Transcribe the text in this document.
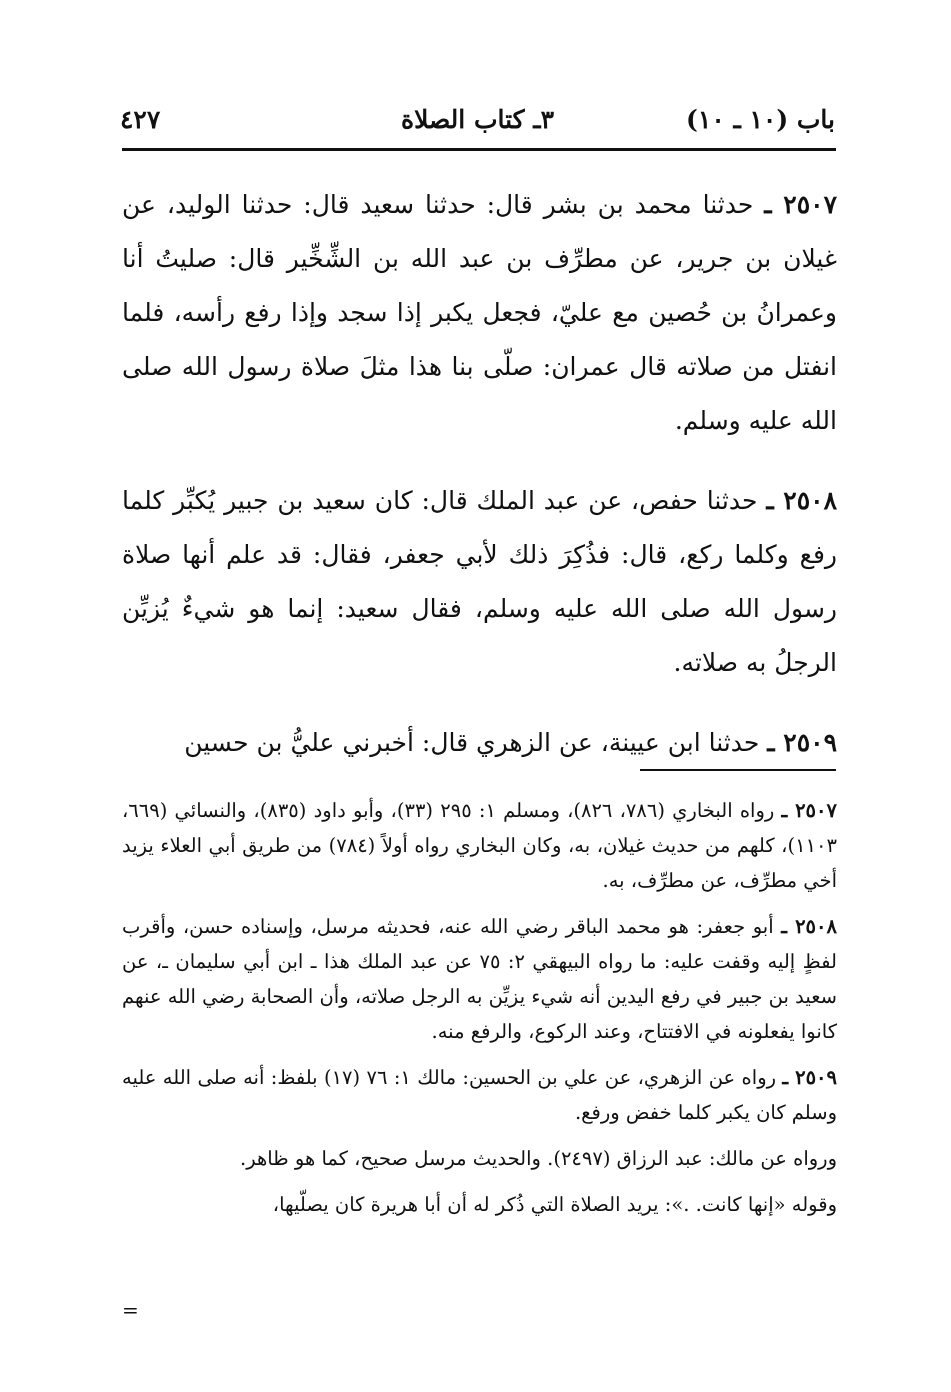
باب (١٠ ـ ١٠)
٣ـ كتاب الصلاة
٤٢٧

٢٥٠٧ ـ حدثنا محمد بن بشر قال: حدثنا سعيد قال: حدثنا الوليد، عن غيلان بن جرير، عن مطرِّف بن عبد الله بن الشِّخِّير قال: صليتُ أنا وعمرانُ بن حُصين مع عليّ، فجعل يكبر إذا سجد وإذا رفع رأسه، فلما انفتل من صلاته قال عمران: صلّى بنا هذا مثلَ صلاة رسول الله صلى الله عليه وسلم.

٢٥٠٨ ـ حدثنا حفص، عن عبد الملك قال: كان سعيد بن جبير يُكبِّر كلما رفع وكلما ركع، قال: فذُكِرَ ذلك لأبي جعفر، فقال: قد علم أنها صلاة رسول الله صلى الله عليه وسلم، فقال سعيد: إنما هو شيءٌ يُزيِّن الرجلُ به صلاته.

٢٥٠٩ ـ حدثنا ابن عيينة، عن الزهري قال: أخبرني عليُّ بن حسين

٢٥٠٧ ـ رواه البخاري (٧٨٦، ٨٢٦)، ومسلم ١: ٢٩٥ (٣٣)، وأبو داود (٨٣٥)، والنسائي (٦٦٩، ١١٠٣)، كلهم من حديث غيلان، به، وكان البخاري رواه أولاً (٧٨٤) من طريق أبي العلاء يزيد أخي مطرِّف، عن مطرِّف، به.

٢٥٠٨ ـ أبو جعفر: هو محمد الباقر رضي الله عنه، فحديثه مرسل، وإسناده حسن، وأقرب لفظٍ إليه وقفت عليه: ما رواه البيهقي ٢: ٧٥ عن عبد الملك هذا ـ ابن أبي سليمان ـ، عن سعيد بن جبير في رفع اليدين أنه شيء يزيِّن به الرجل صلاته، وأن الصحابة رضي الله عنهم كانوا يفعلونه في الافتتاح، وعند الركوع، والرفع منه.

٢٥٠٩ ـ رواه عن الزهري، عن علي بن الحسين: مالك ١: ٧٦ (١٧) بلفظ: أنه صلى الله عليه وسلم كان يكبر كلما خفض ورفع.

ورواه عن مالك: عبد الرزاق (٢٤٩٧). والحديث مرسل صحيح، كما هو ظاهر.

وقوله «إنها كانت. .»: يريد الصلاة التي ذُكر له أن أبا هريرة كان يصلّيها،

=
